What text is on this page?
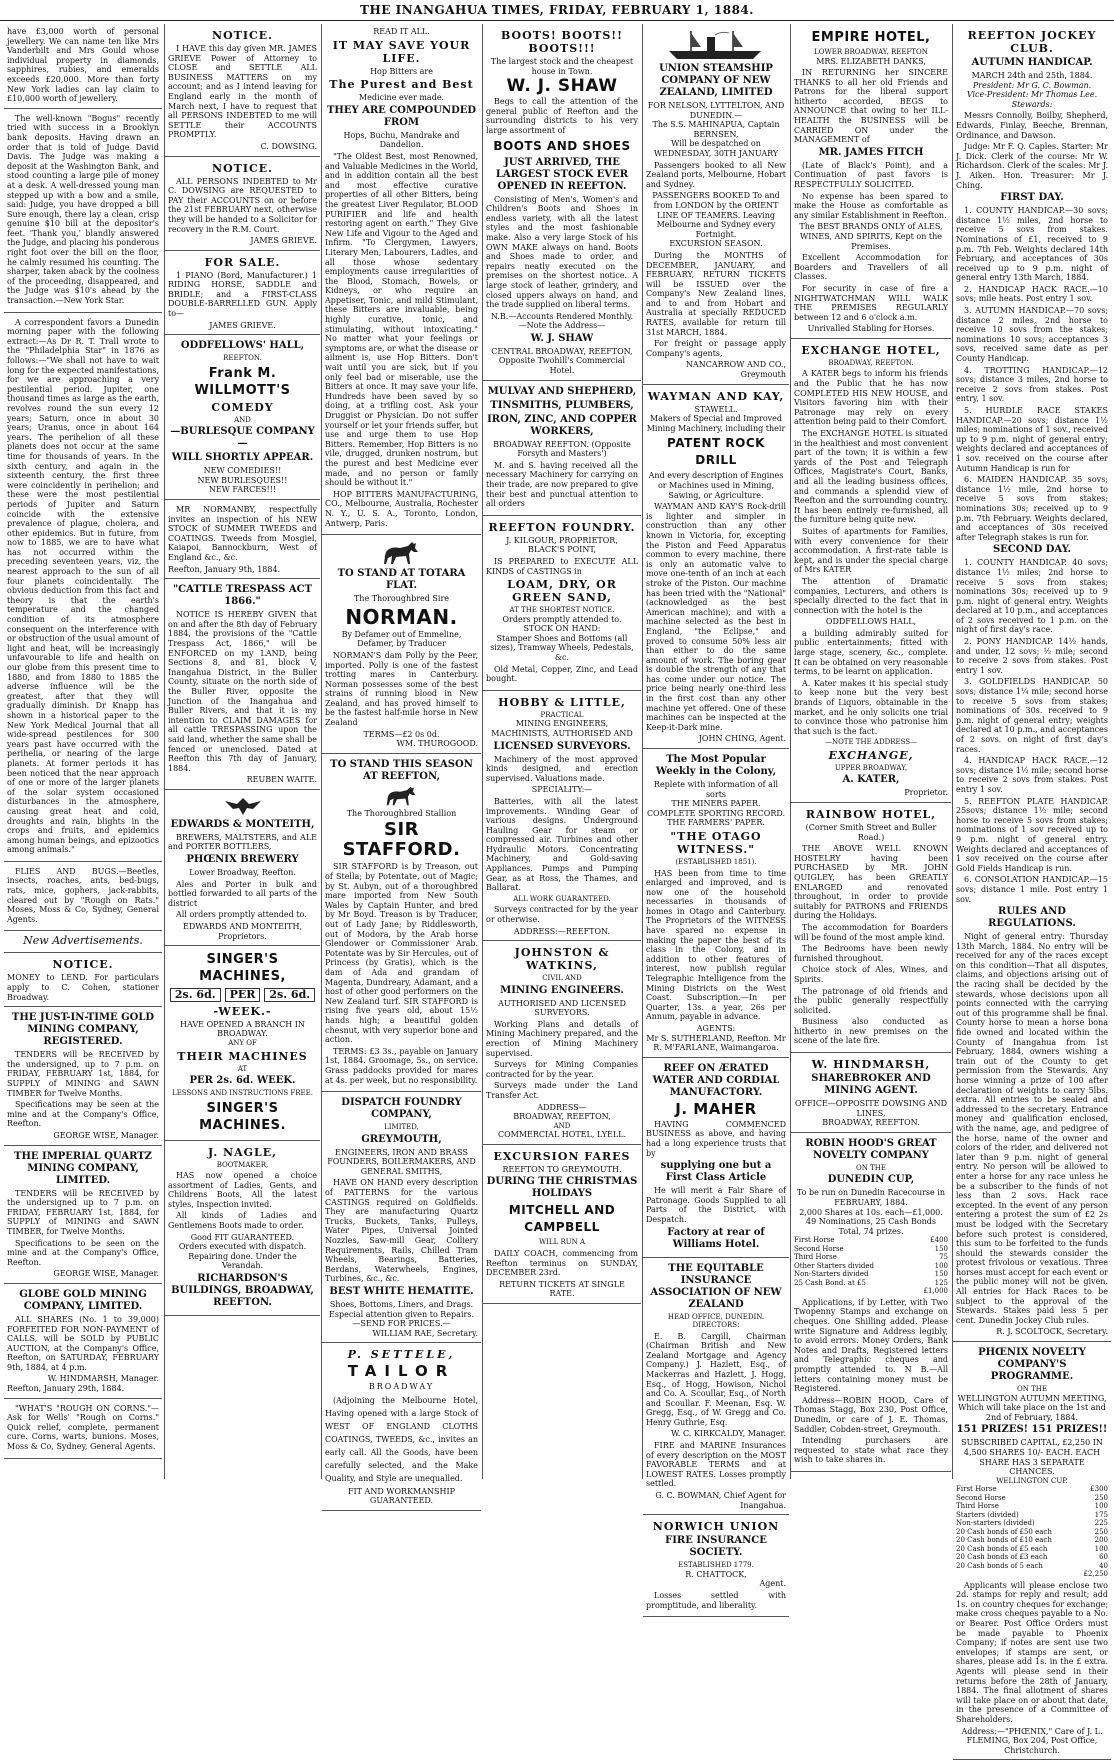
THE INANGAHUA TIMES, FRIDAY, FEBRUARY 1, 1884.
have £3,000 worth of personal jewellery. We can name ten like Mrs Vanderbilt and Mrs Gould whose individual property in diamonds, sapphires, rubies, and emeralds exceeds £20,000. More than forty New York ladies can lay claim to £10,000 worth of jewellery.
The well-known "Bogus" recently tried with success in a Brooklyn bank deposits. Having drawn an order that is told of Judge David Davis. The Judge was making a deposit at the Washington Bank, and stood counting a large pile of money at a desk. A well-dressed young man stepped up with a bow and a smile, said: Judge, you have dropped a bill Sure enough, there lay a clean, crisp genuine $10 bill at the depositor's feet. 'Thank you,' blandly answered the Judge, and placing his ponderous right foot over the bill on the floor, he calmly resumed his counting. The sharper, taken aback by the coolness of the proceeding, disappeared, and the Judge was $10's ahead by the transaction.—New York Star.
A correspondent favors a Dunedin morning paper with the following extract:—As Dr R. T. Trall wrote to the "Philadelphia Star" in 1876 as follows:—"We shall not have to wait long for the expected manifestations, for we are approaching a very pestilential period. Jupiter, one thousand times as large as the earth, revolves round the sun every 12 years; Saturn, once in about 30 years; Uranus, once in about 164 years. The perihelion of all these planets does not occur at the same time for thousands of years. In the sixth century, and again in the sixteenth century, the first three were coincidently in perihelion; and these were the most pestilential periods of Jupiter and Saturn coincide with the extensive prevalence of plague, cholera, and other epidemics. But in future, from now to 1885, we are to have what has not occurred within the preceding seventeen years, viz, the nearest approach to the sun of all four planets coincidentally. The obvious deduction from this fact and theory is that the earth's temperature and the changed condition of its atmosphere consequent on the interference with or obstruction of the usual amount of light and heat, will be increasingly unfavourable to life and health on our globe from this present time to 1880, and from 1880 to 1885 the adverse influence will be the greatest, after that they will gradually diminish. Dr Knapp has shown in a historical paper to the New York Medical Journal that all wide-spread pestilences for 300 years past have occurred with the perihelia, or nearing of the large planets. At former periods it has been noticed that the near approach of one or more of the larger planets of the solar system occasioned disturbances in the atmosphere, causing great heat and cold, droughts and rain, blights in the crops and fruits, and epidemics among human beings, and epizootics among animals."
FLIES AND BUGS.—Beetles, insects, roaches, ants, bed-bugs, rats, mice, gophers, jack-rabbits, cleared out by "Rough on Rats." Moses, Moss & Co, Sydney, General Agents.
New Advertisements.
NOTICE.
MONEY to LEND. For particulars apply to C. Cohen, stationer Broadway.
THE JUST-IN-TIME GOLD MINING COMPANY, REGISTERED.
TENDERS will be RECEIVED by the undersigned, up to 7 p.m. on FRIDAY, FEBRUARY 1st, 1884, for SUPPLY of MINING and SAWN TIMBER for Twelve Months.
Specifications may be seen at the mine and at the Company's Office, Reefton.
GEORGE WISE, Manager.
THE IMPERIAL QUARTZ MINING COMPANY, LIMITED.
TENDERS will be RECEIVED by the undersigned up to 7 p.m. on FRIDAY, FEBRUARY 1st, 1884, for SUPPLY of MINING and SAWN TIMBER, for Twelve Months.
Specifications to be seen on the mine and at the Company's Office, Reefton.
GEORGE WISE, Manager.
GLOBE GOLD MINING COMPANY, LIMITED.
ALL SHARES (No. 1 to 39,000) FORFEITED FOR NON-PAYMENT of CALLS, will be SOLD by PUBLIC AUCTION, at the Company's Office, Reefton, on SATURDAY, FEBRUARY 9th, 1884, at 4 p.m.
W. HINDMARSH, Manager.
Reefton, January 29th, 1884.
"WHAT'S "ROUGH ON CORNS."—Ask for Wells' "Rough on Corns." Quick relief, complete, permanent cure. Corns, warts, bunions. Moses, Moss & Co, Sydney, General Agents.
NOTICE.
I HAVE this day given MR. JAMES GRIEVE Power of Attorney to CLOSE and SETTLE ALL BUSINESS MATTERS on my account; and as I intend leaving for England early in the month of March next, I have to request that all PERSONS INDEBTED to me will SETTLE their ACCOUNTS PROMPTLY.
C. DOWSING.
NOTICE.
ALL PERSONS INDEBTED to Mr C. DOWSING are REQUESTED to PAY their ACCOUNTS on or before the 21st FEBRUARY next, otherwise they will be handed to a Solicitor for recovery in the R.M. Court.
JAMES GRIEVE.
FOR SALE.
1 PIANO (Bord, Manufacturer.) 1 RIDING HORSE, SADDLE and BRIDLE; and a FIRST-CLASS DOUBLE-BARRELLED GUN. Apply to—
JAMES GRIEVE.
ODDFELLOWS' HALL,
REEFTON.
Frank M. WILLMOTT'S
COMEDY
AND
—BURLESQUE COMPANY—
WILL SHORTLY APPEAR.
NEW COMEDIES!!
NEW BURLESQUES!!
NEW FARCES!!!
MR NORMANBY, respectfully invites an inspection of his NEW STOCK of SUMMER TWEEDS and COATINGS. Tweeds from Mosgiel, Kaiapoi, Bannockburn, West of England &c., &c.
Reefton, January 9th, 1884.
"CATTLE TRESPASS ACT 1866."
NOTICE IS HEREBY GIVEN that on and after the 8th day of February 1884, the provisions of the "Cattle Trespass Act, 1866," will be ENFORCED on my LAND, being Sections 8, and 81, block V, Inangahua District, in the Buller County, situate on the north side of the Buller River, opposite the Junction of the Inangahua and Buller Rivers, and that it is my intention to CLAIM DAMAGES for all cattle TRESPASSING upon the said land, whether the same shall be fenced or unenclosed. Dated at Reefton this 7th day of January, 1884.
REUBEN WAITE.
EDWARDS & MONTEITH,
BREWERS, MALTSTERS, and ALE and PORTER BOTTLERS,
PHŒNIX BREWERY
Lower Broadway, Reefton.
Ales and Porter in bulk and bottled forwarded to all parts of the district
All orders promptly attended to.
EDWARDS AND MONTEITH, Proprietors.
SINGER'S MACHINES,
2s. 6d.	PER	2s. 6d.
-WEEK.-
HAVE OPENED A BRANCH IN BROADWAY.
ANY OF
THEIR MACHINES
AT
PER 2s. 6d. WEEK.
LESSONS AND INSTRUCTIONS FREE.
SINGER'S MACHINES.
J. NAGLE,
BOOTMAKER,
HAS now opened a choice assortment of Ladies, Gents, and Childrens Boots, All the latest styles, Inspection invited.
All kinds of Ladies and Gentlemens Boots made to order.
Good FIT GUARANTEED.
Orders executed with dispatch. Repairing done. Under the Verandah.
RICHARDSON'S BUILDINGS, BROADWAY, REEFTON.
READ IT ALL.
IT MAY SAVE YOUR LIFE.
Hop Bitters are
The Purest and Best
Medicine ever made.
THEY ARE COMPOUNDED FROM
Hops, Buchu, Mandrake and Dandelion.
"The Oldest Best, most Renowned, and Valuable Medicines in the World, and in addition contain all the best and most effective curative properties of all other Bitters, being the greatest Liver Regulator, BLOOD PURIFIER and life and health restoring agent on earth." They Give New Life and Vigour to the Aged and Infirm. "To Clergymen, Lawyers, Literary Men, Labourers, Ladies, and all those whose sedentary employments cause irregularities of the Blood, Stomach, Bowels, or Kidneys, or who require an Appetiser, Tonic, and mild Stimulant, these Bitters are invaluable, being highly curative, tonic, and stimulating, without intoxicating." No matter what your feelings or symptoms are, or what the disease or ailment is, use Hop Bitters. Don't wait until you are sick, but if you only feel bad or miserable, use the Bitters at once. It may save your life. Hundreds have been saved by so doing, at a trifling cost. Ask your Druggist or Physician. Do not suffer yourself or let your friends suffer, but use and urge them to use Hop Bitters. Remember, Hop Bitters is no vile, drugged, drunken nostrum, but the purest and best Medicine ever made, and no person or family should be without it."
HOP BITTERS MANUFACTURING, CO., Melbourne, Australia, Rochester N. Y., U. S. A., Toronto, London, Antwerp, Paris.
TO STAND AT TOTARA FLAT.
The Thoroughbred Sire
NORMAN.
By Defamer out of Emmeline, Defamer, by Traducer
NORMAN'S dam Polly by the Peer, imported. Polly is one of the fastest trotting mares in Canterbury. Norman possesses some of the best strains of running blood in New Zealand, and has proved himself to be the fastest half-mile horse in New Zealand
TERMS—£2 0s 0d.
WM. THUROGOOD.
TO STAND THIS SEASON AT REEFTON,
The Thoroughbred Stallion
SIR STAFFORD.
SIR STAFFORD is by Treason, out of Stella; by Potentate, out of Magic; by St. Aubyn, out of a thoroughbred mare imported from New South Wales by Captain Hunter, and bred by Mr Boyd. Treason is by Traducer, out of Lady Jane; by Riddlesworth, out of Modora, by the Arab horse Glendower or Commissioner Arab. Potentate was by Sir Hercules, out of Princess (by Gratis), which is the dam of Ada and grandam of Magenta, Dundreary, Adamant, and a host of other good performers on the New Zealand turf. SIR STAFFORD is rising five years old, about 15½ hands high; a beautiful golden chesnut, with very superior bone and action.
TERMS: £3 3s., payable on January 1st, 1884. Groomage, 5s., on service. Grass paddocks provided for mares at 4s. per week, but no responsibility.
DISPATCH FOUNDRY COMPANY,
LIMITED,
GREYMOUTH,
ENGINEERS, IRON AND BRASS FOUNDERS, BOILERMAKERS, AND GENERAL SMITHS,
HAVE ON HAND every description of PATTERNS for the various CASTINGS required on Goldfields. They are manufacturing Quartz Trucks, Buckets, Tanks, Pulleys, Water Pipes, Universal Jointed Nozzles, Saw-mill Gear, Colliery Requirements, Rails, Chilled Tram Wheels, Bearings, Batteries, Berdans, Waterwheels, Engines, Turbines, &c., &c.
BEST WHITE HEMATITE.
Shoes, Bottoms, Liners, and Drags.
Especial attention given to Repairs.
—SEND FOR PRICES.—
WILLIAM RAE, Secretary.
P. SETTELE,
TAILOR
BROADWAY
(Adjoining the Melbourne Hotel, Having opened with a large Stock of WEST OF ENGLAND CLOTHS COATINGS, TWEEDS, &c., invites an early call. All the Goods, have been carefully selected, and the Make Quality, and Style are unequalled.
FIT AND WORKMANSHIP GUARANTEED.
BOOTS! BOOTS!! BOOTS!!!
The largest stock and the cheapest house in Town.
W. J. SHAW
Begs to call the attention of the general public of Reefton and the surrounding districts to his very large assortment of
BOOTS AND SHOES
JUST ARRIVED, THE LARGEST STOCK EVER OPENED IN REEFTON.
Consisting of Men's, Women's and Children's Boots and Shoes in endless variety, with all the latest styles and the most fashionable make. Also a very large Stock of his OWN MAKE always on hand. Boots and Shoes made to order, and repairs neatly executed on the premises on the shortest notice. A large stock of leather, grindery, and closed uppers always on hand, and the trade supplied on liberal terms.
N.B.—Accounts Rendered Monthly.
—Note the Address—
W. J. SHAW
CENTRAL BROADWAY, REEFTON, Opposite Twohill's Commercial Hotel.
MULVAY AND SHEPHERD,
TINSMITHS, PLUMBERS,
IRON, ZINC, AND COPPER WORKERS,
BROADWAY REEFTON. (Opposite Forsyth and Masters')
M. and S. having received all the necessary Machinery for carrying on their trade, are now prepared to give their best and punctual attention to all orders
REEFTON FOUNDRY.
J. KILGOUR, PROPRIETOR,
BLACK'S POINT,
IS PREPARED to EXECUTE ALL KINDS of CASTINGS in
LOAM, DRY, OR GREEN SAND,
AT THE SHORTEST NOTICE.
Orders promptly attended to.
STOCK ON HAND:
Stamper Shoes and Bottoms (all sizes), Tramway Wheels, Pedestals, &c.
Old Metal, Copper, Zinc, and Lead bought.
HOBBY & LITTLE,
PRACTICAL
MINING ENGINEERS, MACHINISTS, AUTHORISED AND
LICENSED SURVEYORS.
Machinery of the most approved kinds designed, and erection supervised. Valuations made.
SPECIALITY:—
Batteries, with all the latest improvements. Winding Gear of various designs. Underground Hauling Gear for steam or compressed air. Turbines and other Hydraulic Motors. Concentrating Machinery, and Gold-saving Appliances. Pumps and Pumping Gear, as at Ross, the Thames, and Ballarat.
ALL WORK GUARANTEED.
Surveys contracted for by the year or otherwise.
ADDRESS:—REEFTON.
JOHNSTON & WATKINS,
CIVIL AND
MINING ENGINEERS.
AUTHORISED AND LICENSED SURVEYORS.
Working Plans and details of Mining Machinery prepared, and the erection of Mining Machinery supervised.
Surveys for Mining Companies contracted for by the year.
Surveys made under the Land Transfer Act.
ADDRESS—
BROADWAY, REEFTON,
AND
COMMERCIAL HOTEL, LYELL.
EXCURSION FARES
REEFTON TO GREYMOUTH.
DURING THE CHRISTMAS HOLIDAYS
MITCHELL AND CAMPBELL
WILL RUN A
DAILY COACH, commencing from Reefton terminus on SUNDAY, DECEMBER 23rd.
RETURN TICKETS AT SINGLE RATE.
UNION STEAMSHIP COMPANY OF NEW ZEALAND, LIMITED
FOR NELSON, LYTTELTON, AND DUNEDIN.—
The S.S. MAHINAPUA, Captain BERNSEN,
Will be despatched on WEDNESDAY, 30TH JANUARY
Passengers booked to all New Zealand ports, Melbourne, Hobart and Sydney.
PASSENGERS BOOKED To and from LONDON by the ORIENT LINE OF TEAMERS. Leaving Melbourne and Sydney every Fortnight.
EXCURSION SEASON.
During the MONTHS of DECEMBER, JANUARY, and FEBRUARY, RETURN TICKETS will be ISSUED over the Company's New Zealand lines, and to and from Hobart and Australia at specially REDUCED RATES, available for return till 31st MARCH, 1884.
For freight or passage apply Company's agents,
NANCARROW AND CO., Greymouth
WAYMAN AND KAY,
STAWELL.
Makers of Special and Improved Mining Machinery, including their
PATENT ROCK DRILL
And every description of Engines or Machines used in Mining, Sawing, or Agriculture.
WAYMAN AND KAY'S Rock-drill is lighter and simpler in construction than any other known in Victoria, for, excepting the Piston and Feed Apparatus common to every machine, there is only an automatic valve to move one-tenth of an inch at each stroke of the Piston. Our machine has been tried with the "National" (acknowledged as the best American machine), and with a machine selected as the best in England, "the Eclipse," and proved to consume 50% less air than either to do the same amount of work. The boring gear is double the strength of any that has come under our notice. The price being nearly one-third less in the first cost than any other machine yet offered. One of these machines can be inspected at the Keep-it-Dark mine.
JOHN CHING, Agent.
The Most Popular Weekly in the Colony,
Replete with information of all sorts
THE MINERS PAPER.
COMPLETE SPORTING RECORD.
THE FARMERS' PAPER.
"THE OTAGO WITNESS."
(ESTABLISHED 1851).
HAS been from time to time enlarged and improved, and is now one of the household necessaries in thousands of homes in Otago and Canterbury. The Proprietors of the WITNESS have spared no expense in making the paper the best of its class in the Colony, and in addition to other features of interest, now publish regular Telegraphic Intelligence from the Mining Districts on the West Coast. Subscription.—In per Quarter, 13s. a year, 26s per Annum, payable in advance.
AGENTS:
Mr S. SUTHERLAND, Reefton. Mr R. M'FARLANE, Waimangaroa.
REEF ON ÆRATED WATER AND CORDIAL MANUFACTORY.
J. MAHER
HAVING COMMENCED BUSINESS as above, and having had a long experience trusts that by
supplying one but a First Class Article
He will merit a Fair Share of Patronage. Goods Supplied to all Parts of the District, with Despatch.
Factory at rear of Williams Hotel.
THE EQUITABLE INSURANCE ASSOCIATION OF NEW ZEALAND
HEAD OFFICE, DUNEDIN.
DIRECTORS:
E. B. Cargill, Chairman (Chairman British and New Zealand Mortgage and Agency Company.) J. Hazlett, Esq., of Mackerras and Hazlett, J. Hogg, Esq., of Hogg, Howison, Nichol and Co. A. Scoullar, Esq., of North and Scoullar. F. Meenan, Esq. W. Gregg, Esq., of W. Gregg and Co. Henry Guthrie, Esq.
W. C. KIRKCALDY, Manager.
FIRE and MARINE Insurances of every description on the MOST FAVORABLE TERMS and at LOWEST RATES. Losses promptly settled.
G. C. BOWMAN, Chief Agent for Inangahua.
NORWICH UNION
FIRE INSURANCE SOCIETY.
ESTABLISHED 1779.
R. CHATTOCK,
Agent.
Losses settled with promptitude, and liberality.
EMPIRE HOTEL,
LOWER BROADWAY, REEFTON
MRS. ELIZABETH DANKS,
IN RETURNING her SINCERE THANKS to all her old Friends and Patrons for the liberal support hitherto accorded, BEGS to ANNOUNCE that owing to her ILL-HEALTH the BUSINESS will be CARRIED ON under the MANAGEMENT of
MR. JAMES FITCH
(Late of Black's Point), and a Continuation of past favors is RESPECTFULLY SOLICITED.
No expense has been spared to make the House as comfortable as any similar Establishment in Reefton.
The BEST BRANDS ONLY of ALES, WINES, AND SPIRITS, Kept on the Premises.
Excellent Accommodation for Boarders and Travellers of all Classes.
For security in case of fire a NIGHTWATCHMAN WILL WALK THE PREMISES REGULARLY between 12 and 6 o'clock a.m.
Unrivalled Stabling for Horses.
EXCHANGE HOTEL,
BROADWAY, REEFTON.
A KATER begs to inform his friends and the Public that he has now COMPLETED HIS NEW HOUSE, and Visitors favoring him with their Patronage may rely on every attention being paid to their Comfort.
The EXCHANGE HOTEL is situated in the healthiest and most convenient part of the town; it is within a few yards of the Post and Telegraph Offices, Magistrate's Court, Banks, and all the leading business offices, and commands a splendid view of Reefton and the surrounding country. It has been entirely re-furnished, all the furniture being quite new.
Suites of apartments for Families, with every convenience for their accommodation. A first-rate table is kept, and is under the special charge of Mrs KATER
The attention of Dramatic companies, Lecturers, and others is specially directed to the fact that in connection with the hotel is the
ODDFELLOWS HALL,
a building admirably suited for public entertainments; fitted with large stage, scenery, &c., complete. It can be obtained on very reasonable terms, to be learnt on application.
A. Kater makes it his special study to keep none but the very best brands of Liquors, obtainable in the market, and he only solicits one trial to convince those who patronise him that such is the fact.
—NOTE THE ADDRESS—
EXCHANGE,
UPPER BROADWAY,
A. KATER,
Proprietor.
RAINBOW HOTEL,
(Corner Smith Street and Buller Road.)
THE ABOVE WELL KNOWN HOSTELRY having been PURCHASED by MR. JOHN QUIGLEY, has been GREATLY ENLARGED and renovated throughout, in order to provide suitably for PATRONS and FRIENDS during the Holidays.
The accommodation for Boarders will be found of the most ample kind.
The Bedrooms have been newly furnished throughout.
Choice stock of Ales, Wines, and Spirits.
The patronage of old friends and the public generally respectfully solicited.
Business also conducted as hitherto in new premises on the scene of the late fire.
W. HINDMARSH,
SHAREBROKER AND MINING AGENT.
OFFICE—OPPOSITE DOWSING AND LINES,
BROADWAY, REEFTON.
ROBIN HOOD'S GREAT NOVELTY COMPANY
ON THE
DUNEDIN CUP,
To be run on Dunedin Racecourse in FEBRUARY, 1884.
2,000 Shares at 10s. each—£1,000.
49 Nominations, 25 Cash Bonds Total, 74 prizes.
First Horse	£400
Second Horse	150
Third Horse	75
Other Starters divided	100
Non-Starters divided	150
25 Cash Bond. at £5	125
£1,000
Applications, if by Letter, with Two Twopenny Stamps and exchange on cheques. One Shilling added. Please write Signature and Address legibly, to avoid errors. Money Orders, Bank Notes and Drafts, Registered letters and Telegraphic cheques and promptly attended to. N B.—All letters containing money must be Registered.
Address—ROBIN HOOD, Care of Thomas Stagg, Box 230, Post Office, Dunedin, or care of J. E. Thomas, Saddler, Cobden-street, Greymouth.
Intending purchasers are requested to state what race they wish to take shares in.
REEFTON JOCKEY CLUB.
AUTUMN HANDICAP.
MARCH 24th and 25th, 1884.
President: Mr G. C. Bowman.
Vice-President: Mr Thomas Lee.
Stewards:
Messrs Connolly, Boilby, Shepherd, Edwards, Finlay, Beeche, Brennan, Ordinance, and Dawson.
Judge: Mr F. Q. Caples. Starter: Mr J. Dick. Clerk of the course: Mr W. Richardson. Clerk of the scales: Mr J. J. Aiken. Hon. Treasurer: Mr J. Ching.
FIRST DAY.
1. COUNTY HANDICAP.—30 sovs; distance 1½ miles, 2nd horse to receive 5 sovs from stakes. Nominations of £1, received to 9 p.m. 7th Feb. Weights declared 14th February, and acceptances of 30s received up to 9 p.m. night of general entry 13th March, 1884.
2. HANDICAP HACK RACE.—10 sovs; mile heats. Post entry 1 sov.
3. AUTUMN HANDICAP.—70 sovs; distance 2 miles, 2nd horse to receive 10 sovs from the stakes; nominations 10 sovs; acceptances 3 sovs, received same date as per County Handicap.
4. TROTTING HANDICAP.—12 sovs; distance 3 miles, 2nd horse to receive 2 sovs from stakes. Post entry, 1 sov.
5. HURDLE RACE STAKES HANDICAP.—20 sovs; distance 1½ miles; nominations of 1 sov., received up to 9 p.m. night of general entry; weights declared and acceptances of 1 sov. received on the course after Autumn Handicap is run for
6. MAIDEN HANDICAP. 35 sovs; distance 1½ mile, 2nd horse to receive 5 sovs from stakes; nominations 30s; received up to 9 p.m. 7th February. Weights declared, and acceptances of 30s received after Telegraph stakes is run for.
SECOND DAY.
1. COUNTY HANDICAP. 40 sovs; distance 1½ miles; 2nd horse to receive 5 sovs from stakes; nominations 30s; received up to 9 p.m. night of general entry. Weights declared at 10 p.m., and acceptances of 2 sovs received to 1 p.m. on the night of first day's race.
2. PONY HANDICAP. 14½ hands, and under, 12 sovs; ½ mile; second to receive 2 sovs from stakes. Post entry 1 sov.
3. GOLDFIELDS HANDICAP. 50 sovs; distance 1¼ mile; second horse to receive 5 sovs from stakes; nominations of 30s. received to 9 p.m. night of general entry; weights declared at 10 p.m., and acceptances of 2 sovs. on night of first day's races.
4. HANDICAP HACK RACE.—12 sovs; distance 1½ mile; second horse to receive 2 sovs from stakes. Post entry 1 sov.
5. REEFTON PLATE HANDICAP. 25sovs; distance 1½ mile; second horse to receive 5 sovs from stakes; nominations of 1 sov received up to 9 p.m. night of general entry. Weights declared and acceptances of 1 sov received on the course after Gold Fields Handicap is run.
6. CONSOLATION HANDICAP.—15 sovs; distance 1 mile. Post entry 1 sov.
RULES AND REGULATIONS.
Night of general entry: Thursday 13th March, 1884. No entry will be received for any of the races except on this condition—That all disputes, claims, and objections arising out of the racing shall be decided by the stewards, whose decisions upon all points connected with the carrying out of this programme shall be final. County horse to mean a horse bona fide owned and located within the County of Inangahua from 1st February, 1884, owners wishing a train out of the County to get permission from the Stewards. Any horse winning a prize of 100 after declaration of weights to carry 5lbs. extra. All entries to be sealed and addressed to the secretary. Entrance money and qualification enclosed, with the name, age, and pedigree of the horse, name of the owner and colors of the rider, and delivered not later than 9 p.m. night of general entry. No person will be allowed to enter a horse for any race unless he be a subscriber to the funds of not less than 2 sovs. Hack race excepted. In the event of any person entering a protest the sum of £2 2s must be lodged with the Secretary before such protest is considered, this sum to be forfeited to the funds should the stewards consider the protest frivolous or vexatious. Three horses must accept for each event or the public money will not be given. All entries for Hack Races to be subject to the approval of the Stewards. Stakes paid less 5 per cent. Dunedin Jockey Club rules.
R. J. SCOLTOCK, Secretary.
PHŒNIX NOVELTY COMPANY'S PROGRAMME.
ON THE
WELLINGTON AUTUMN MEETING, Which will take place on the 1st and 2nd of February, 1884.
151 PRIZES! 151 PRIZES!!
SUBSCRIBED CAPITAL, £2,250 IN 4,500 SHARES 10/- EACH. EACH SHARE HAS 3 SEPARATE CHANCES.
WELLINGTON CUP.
First Horse	£300
Second Horse	250
Third Horse	100
Starters (divided)	175
Non-starters (divided)	225
20 Cash bonds of £50 each	250
20 Cash bonds of £10 each	200
20 Cash bonds of £5 each	100
20 Cash bonds of £3 each	60
20 Cash bonds of 5 each	40
£2,250
Applicants will please enclose two 2d. stamps for reply and result; add 1s. on country cheques for exchange; make cross cheques payable to a No. or Bearer. Post Office Orders must be made payable to Phoenix Company; if notes are sent use two envelopes; if stamps are sent, or shares, please add 1s. in the £ extra. Agents will please send in their returns before the 28th of January, 1884. The final allotment of shares will take place on or about that date, in the presence of a Committee of Shareholders.
Address:—"PHŒNIX," Care of J. L. FLEMING, Box 204, Post Office, Christchurch.
